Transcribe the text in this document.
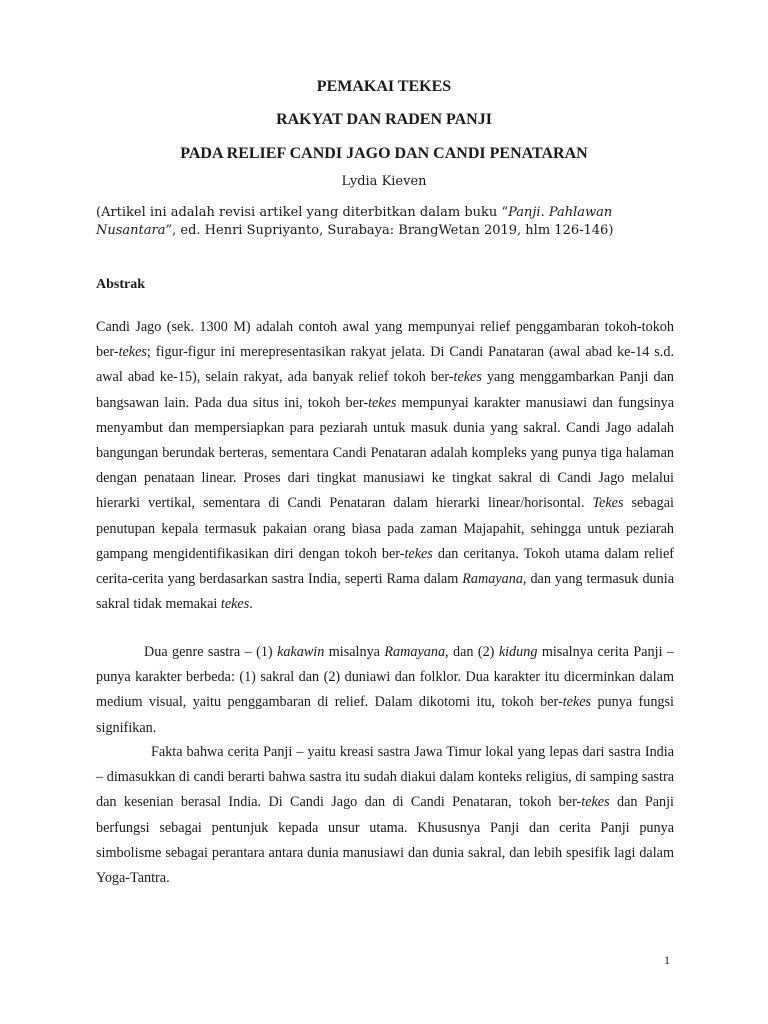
PEMAKAI TEKES

RAKYAT DAN RADEN PANJI

PADA RELIEF CANDI JAGO DAN CANDI PENATARAN

Lydia Kieven
(Artikel ini adalah revisi artikel yang diterbitkan dalam buku “Panji. Pahlawan Nusantara”, ed. Henri Supriyanto, Surabaya: BrangWetan 2019, hlm 126-146)
Abstrak
Candi Jago (sek. 1300 M) adalah contoh awal yang mempunyai relief penggambaran tokoh-tokoh ber-tekes; figur-figur ini merepresentasikan rakyat jelata. Di Candi Panataran (awal abad ke-14 s.d. awal abad ke-15), selain rakyat, ada banyak relief tokoh ber-tekes yang menggambarkan Panji dan bangsawan lain. Pada dua situs ini, tokoh ber-tekes mempunyai karakter manusiawi dan fungsinya menyambut dan mempersiapkan para peziarah untuk masuk dunia yang sakral. Candi Jago adalah bangungan berundak berteras, sementara Candi Penataran adalah kompleks yang punya tiga halaman dengan penataan linear. Proses dari tingkat manusiawi ke tingkat sakral di Candi Jago melalui hierarki vertikal, sementara di Candi Penataran dalam hierarki linear/horisontal. Tekes sebagai penutupan kepala termasuk pakaian orang biasa pada zaman Majapahit, sehingga untuk peziarah gampang mengidentifikasikan diri dengan tokoh ber-tekes dan ceritanya. Tokoh utama dalam relief cerita-cerita yang berdasarkan sastra India, seperti Rama dalam Ramayana, dan yang termasuk dunia sakral tidak memakai tekes.
Dua genre sastra – (1) kakawin misalnya Ramayana, dan (2) kidung misalnya cerita Panji – punya karakter berbeda: (1) sakral dan (2) duniawi dan folklor. Dua karakter itu dicerminkan dalam medium visual, yaitu penggambaran di relief. Dalam dikotomi itu, tokoh ber-tekes punya fungsi signifikan.
Fakta bahwa cerita Panji – yaitu kreasi sastra Jawa Timur lokal yang lepas dari sastra India – dimasukkan di candi berarti bahwa sastra itu sudah diakui dalam konteks religius, di samping sastra dan kesenian berasal India. Di Candi Jago dan di Candi Penataran, tokoh ber-tekes dan Panji berfungsi sebagai pentunjuk kepada unsur utama. Khususnya Panji dan cerita Panji punya simbolisme sebagai perantara antara dunia manusiawi dan dunia sakral, dan lebih spesifik lagi dalam Yoga-Tantra.
1
